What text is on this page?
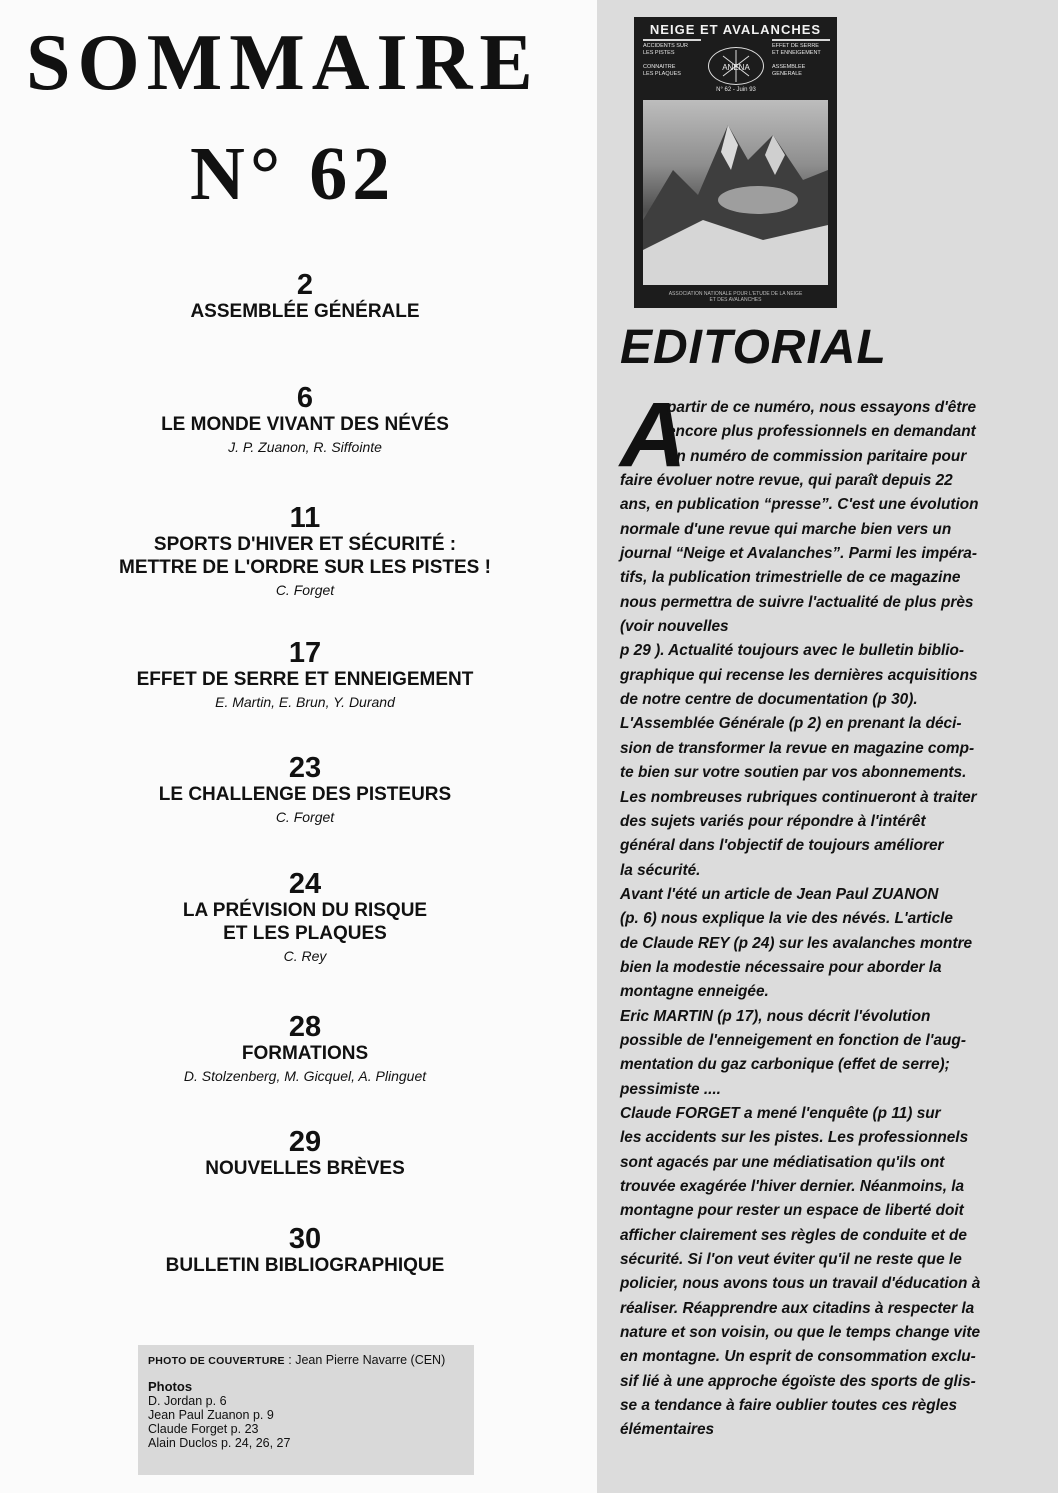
SOMMAIRE
N° 62
2
ASSEMBLÉE GÉNÉRALE
6
LE MONDE VIVANT DES NÉVÉS
J. P. Zuanon, R. Siffointe
11
SPORTS D'HIVER ET SÉCURITÉ :
METTRE DE L'ORDRE SUR LES PISTES !
C. Forget
17
EFFET DE SERRE ET ENNEIGEMENT
E. Martin, E. Brun, Y. Durand
23
LE CHALLENGE DES PISTEURS
C. Forget
24
LA PRÉVISION DU RISQUE
ET LES PLAQUES
C. Rey
28
FORMATIONS
D. Stolzenberg, M. Gicquel, A. Plinguet
29
NOUVELLES BRÈVES
30
BULLETIN BIBLIOGRAPHIQUE
PHOTO DE COUVERTURE : Jean Pierre Navarre (CEN)
Photos
D. Jordan p. 6
Jean Paul Zuanon p. 9
Claude Forget p. 23
Alain Duclos p. 24, 26, 27
NEIGE ET AVALANCHES
ACCIDENTS SUR
LES PISTES

CONNAITRE
LES PLAQUES
EFFET DE SERRE
ET ENNEIGEMENT

ASSEMBLEE
GENERALE
ANENA
N° 62 - Juin 93
ASSOCIATION NATIONALE POUR L'ETUDE DE LA NEIGE
ET DES AVALANCHES
EDITORIAL
A
partir de ce numéro, nous essayons d'être
encore plus professionnels en demandant
un numéro de commission paritaire pour
faire évoluer notre revue, qui paraît depuis 22
ans, en publication “presse”. C'est une évolution
normale d'une revue qui marche bien vers un
journal “Neige et Avalanches”. Parmi les impéra-
tifs, la publication trimestrielle de ce magazine
nous permettra de suivre l'actualité de plus près
(voir nouvelles
p 29 ). Actualité toujours avec le bulletin biblio-
graphique qui recense les dernières acquisitions
de notre centre de documentation (p 30).
L'Assemblée Générale (p 2) en prenant la déci-
sion de transformer la revue en magazine comp-
te bien sur votre soutien par vos abonnements.
Les nombreuses rubriques continueront à traiter
des sujets variés pour répondre à l'intérêt
général dans l'objectif de toujours améliorer
la sécurité.
Avant l'été un article de Jean Paul ZUANON
(p. 6) nous explique la vie des névés. L'article
de Claude REY (p 24) sur les avalanches montre
bien la modestie nécessaire pour aborder la
montagne enneigée.
Eric MARTIN (p 17), nous décrit l'évolution
possible de l'enneigement en fonction de l'aug-
mentation du gaz carbonique (effet de serre);
pessimiste ....
Claude FORGET a mené l'enquête (p 11) sur
les accidents sur les pistes. Les professionnels
sont agacés par une médiatisation qu'ils ont
trouvée exagérée l'hiver dernier. Néanmoins, la
montagne pour rester un espace de liberté doit
afficher clairement ses règles de conduite et de
sécurité. Si l'on veut éviter qu'il ne reste que le
policier, nous avons tous un travail d'éducation à
réaliser. Réapprendre aux citadins à respecter la
nature et son voisin, ou que le temps change vite
en montagne. Un esprit de consommation exclu-
sif lié à une approche égoïste des sports de glis-
se a tendance à faire oublier toutes ces règles
élémentaires
